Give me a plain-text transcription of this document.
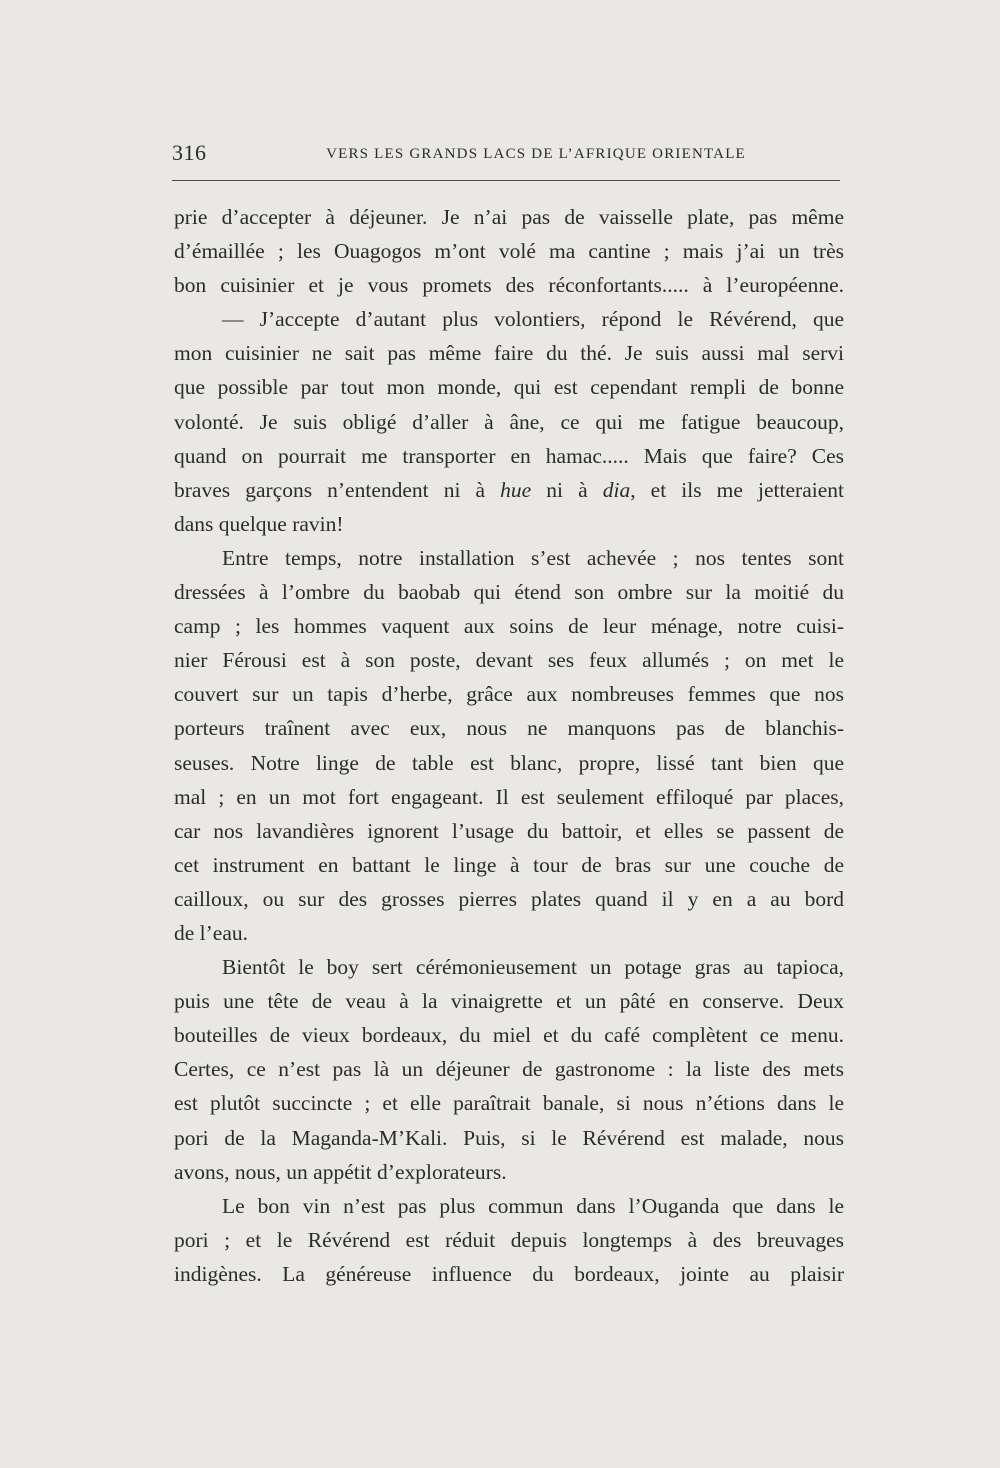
316	VERS LES GRANDS LACS DE L’AFRIQUE ORIENTALE
prie d’accepter à déjeuner. Je n’ai pas de vaisselle plate, pas même
d’émaillée ; les Ouagogos m’ont volé ma cantine ; mais j’ai un très
bon cuisinier et je vous promets des réconfortants..... à l’européenne.
— J’accepte d’autant plus volontiers, répond le Révérend, que
mon cuisinier ne sait pas même faire du thé. Je suis aussi mal servi
que possible par tout mon monde, qui est cependant rempli de bonne
volonté. Je suis obligé d’aller à âne, ce qui me fatigue beaucoup,
quand on pourrait me transporter en hamac..... Mais que faire? Ces
braves garçons n’entendent ni à hue ni à dia, et ils me jetteraient
dans quelque ravin!
Entre temps, notre installation s’est achevée ; nos tentes sont
dressées à l’ombre du baobab qui étend son ombre sur la moitié du
camp ; les hommes vaquent aux soins de leur ménage, notre cuisi-
nier Férousi est à son poste, devant ses feux allumés ; on met le
couvert sur un tapis d’herbe, grâce aux nombreuses femmes que nos
porteurs traînent avec eux, nous ne manquons pas de blanchis-
seuses. Notre linge de table est blanc, propre, lissé tant bien que
mal ; en un mot fort engageant. Il est seulement effiloqué par places,
car nos lavandières ignorent l’usage du battoir, et elles se passent de
cet instrument en battant le linge à tour de bras sur une couche de
cailloux, ou sur des grosses pierres plates quand il y en a au bord
de l’eau.
Bientôt le boy sert cérémonieusement un potage gras au tapioca,
puis une tête de veau à la vinaigrette et un pâté en conserve. Deux
bouteilles de vieux bordeaux, du miel et du café complètent ce menu.
Certes, ce n’est pas là un déjeuner de gastronome : la liste des mets
est plutôt succincte ; et elle paraîtrait banale, si nous n’étions dans le
pori de la Maganda-M’Kali. Puis, si le Révérend est malade, nous
avons, nous, un appétit d’explorateurs.
Le bon vin n’est pas plus commun dans l’Ouganda que dans le
pori ; et le Révérend est réduit depuis longtemps à des breuvages
indigènes. La généreuse influence du bordeaux, jointe au plaisir
